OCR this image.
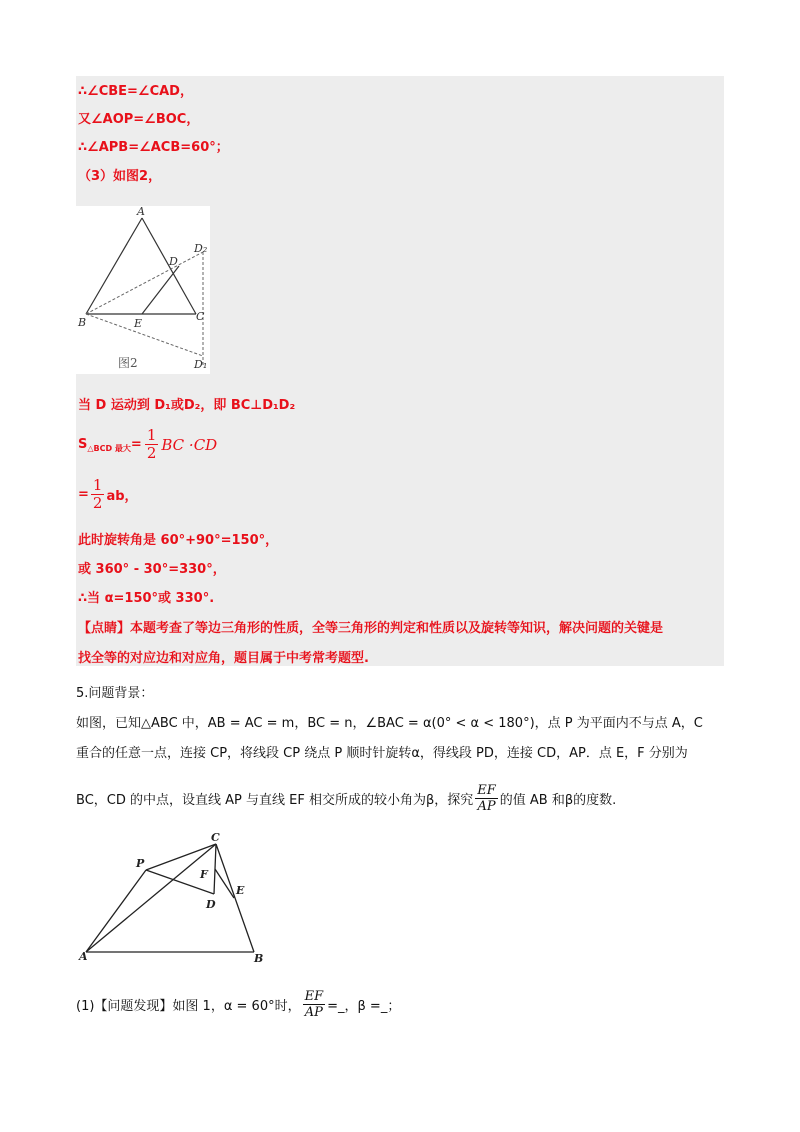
∴∠CBE=∠CAD，
又∠AOP=∠BOC，
∴∠APB=∠ACB=60°；
（3）如图2，
A
B	C
D
E
D₂
D₁
图2
当 D 运动到 D₁或D₂，即 BC⊥D₁D₂
S △BCD 最大 = $\frac{1}{2}$ BC ·CD
= $\frac{1}{2}$ ab，
此时旋转角是 60°+90°=150°，
或 360° - 30°=330°，
∴当 α=150°或 330°.
【点睛】本题考查了等边三角形的性质，全等三角形的判定和性质以及旋转等知识，解决问题的关键是
找全等的对应边和对应角，题目属于中考常考题型.
5.问题背景：
如图，已知△ABC 中，AB = AC = m，BC = n，∠BAC = α(0° < α < 180°)，点 P 为平面内不与点 A，C
重合的任意一点，连接 CP，将线段 CP 绕点 P 顺时针旋转α，得线段 PD，连接 CD，AP．点 E，F 分别为
BC，CD 的中点，设直线 AP 与直线 EF 相交所成的较小角为β，探究 $\frac{EF}{AP}$ 的值 AB 和β的度数.
C
P
F
D
E
A	B
(1)【问题发现】如图 1，α = 60°时， $\frac{EF}{AP}$ =_，β =_；
